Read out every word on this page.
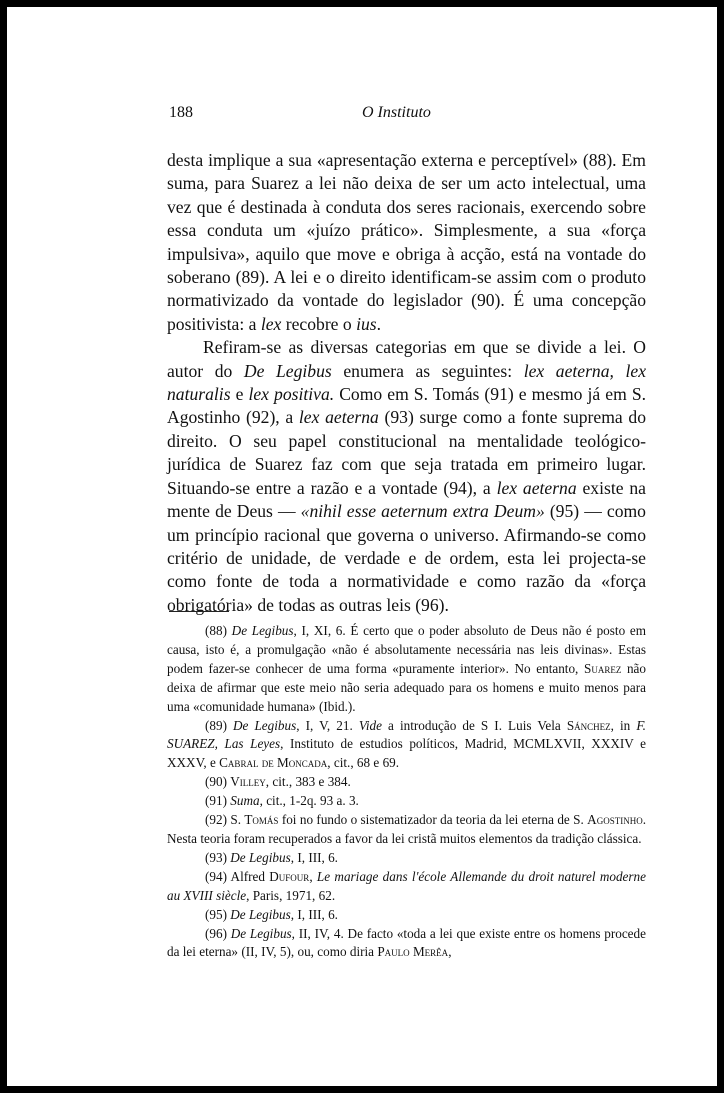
188	O Instituto

desta implique a sua «apresentação externa e perceptível» (88). Em suma, para Suarez a lei não deixa de ser um acto intelectual, uma vez que é destinada à conduta dos seres racionais, exercendo sobre essa conduta um «juízo prático». Simplesmente, a sua «força impulsiva», aquilo que move e obriga à acção, está na vontade do soberano (89). A lei e o direito identificam-se assim com o produto normativizado da vontade do legislador (90). É uma concepção positivista: a lex recobre o ius.

Refiram-se as diversas categorias em que se divide a lei. O autor do De Legibus enumera as seguintes: lex aeterna, lex naturalis e lex positiva. Como em S. Tomás (91) e mesmo já em S. Agostinho (92), a lex aeterna (93) surge como a fonte suprema do direito. O seu papel constitucional na mentalidade teológico-jurídica de Suarez faz com que seja tratada em primeiro lugar. Situando-se entre a razão e a vontade (94), a lex aeterna existe na mente de Deus — «nihil esse aeternum extra Deum» (95) — como um princípio racional que governa o universo. Afirmando-se como critério de unidade, de verdade e de ordem, esta lei projecta-se como fonte de toda a normatividade e como razão da «força obrigatória» de todas as outras leis (96).

(88) De Legibus, I, XI, 6. É certo que o poder absoluto de Deus não é posto em causa, isto é, a promulgação «não é absolutamente necessária nas leis divinas». Estas podem fazer-se conhecer de uma forma «puramente interior». No entanto, Suarez não deixa de afirmar que este meio não seria adequado para os homens e muito menos para uma «comunidade humana» (Ibid.).

(89) De Legibus, I, V, 21. Vide a introdução de S I. Luis Vela Sánchez, in F. SUAREZ, Las Leyes, Instituto de estudios políticos, Madrid, MCMLXVII, XXXIV e XXXV, e Cabral de Moncada, cit., 68 e 69.

(90) Villey, cit., 383 e 384.

(91) Suma, cit., 1-2q. 93 a. 3.

(92) S. Tomás foi no fundo o sistematizador da teoria da lei eterna de S. Agostinho. Nesta teoria foram recuperados a favor da lei cristã muitos elementos da tradição clássica.

(93) De Legibus, I, III, 6.

(94) Alfred Dufour, Le mariage dans l'école Allemande du droit naturel moderne au XVIII siècle, Paris, 1971, 62.

(95) De Legibus, I, III, 6.

(96) De Legibus, II, IV, 4. De facto «toda a lei que existe entre os homens procede da lei eterna» (II, IV, 5), ou, como diria Paulo Merêa,
